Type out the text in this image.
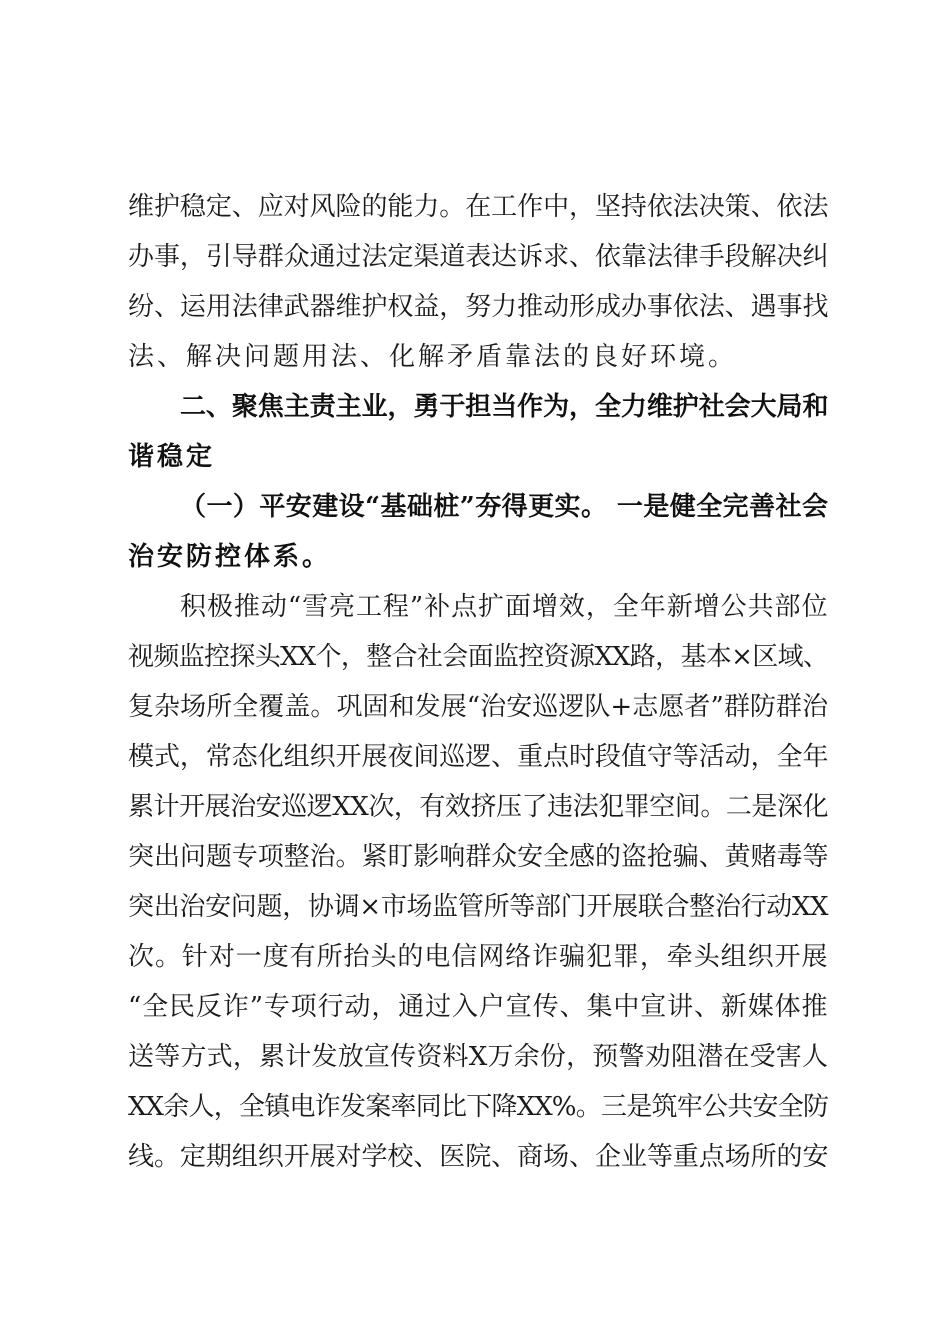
维护稳定、应对风险的能力。在工作中，坚持依法决策、依法
办事，引导群众通过法定渠道表达诉求、依靠法律手段解决纠
纷、运用法律武器维护权益，努力推动形成办事依法、遇事找
法、解决问题用法、化解矛盾靠法的良好环境。
二、聚焦主责主业，勇于担当作为，全力维护社会大局和
谐稳定
（一）平安建设“基础桩”夯得更实。 一是健全完善社会
治安防控体系。
积极推动“雪亮工程”补点扩面增效，全年新增公共部位
视频监控探头XX个，整合社会面监控资源XX路，基本×区域、
复杂场所全覆盖。巩固和发展“治安巡逻队+志愿者”群防群治
模式，常态化组织开展夜间巡逻、重点时段值守等活动，全年
累计开展治安巡逻XX次，有效挤压了违法犯罪空间。二是深化
突出问题专项整治。紧盯影响群众安全感的盗抢骗、黄赌毒等
突出治安问题，协调×市场监管所等部门开展联合整治行动XX
次。针对一度有所抬头的电信网络诈骗犯罪，牵头组织开展
“全民反诈”专项行动，通过入户宣传、集中宣讲、新媒体推
送等方式，累计发放宣传资料X万余份，预警劝阻潜在受害人
XX余人，全镇电诈发案率同比下降XX%。三是筑牢公共安全防
线。定期组织开展对学校、医院、商场、企业等重点场所的安
